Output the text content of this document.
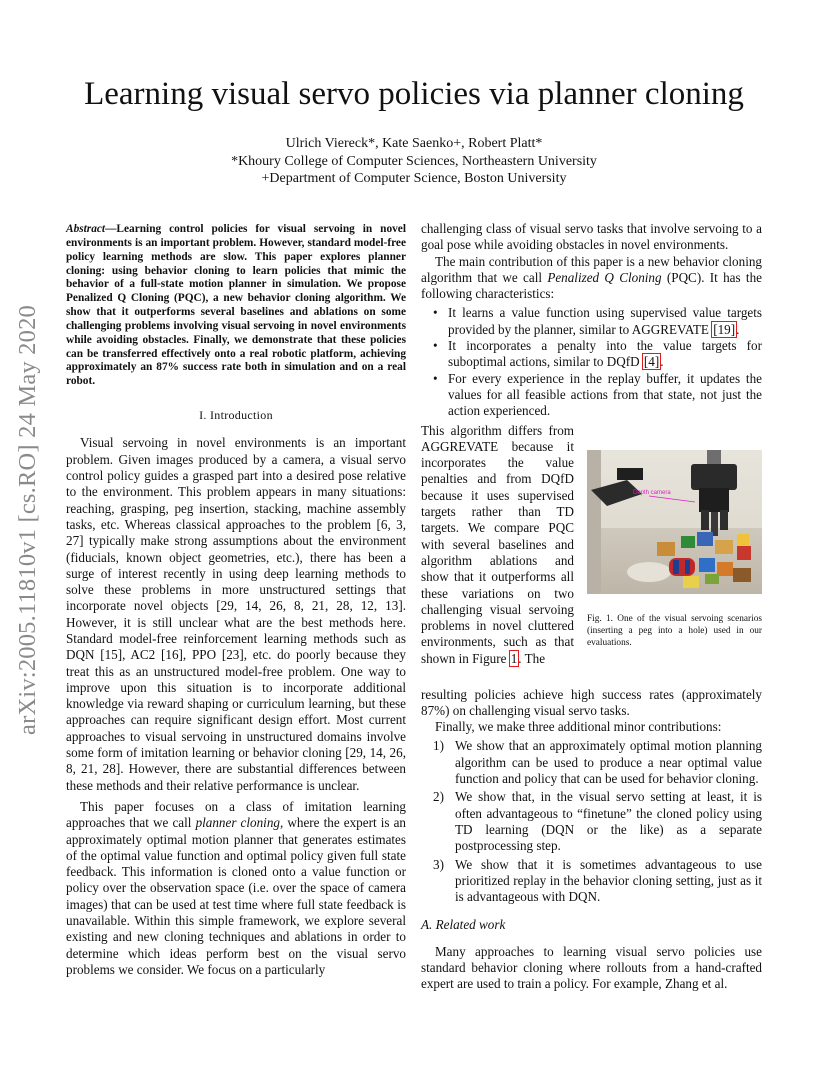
arXiv:2005.11810v1 [cs.RO] 24 May 2020
Learning visual servo policies via planner cloning
Ulrich Viereck*, Kate Saenko+, Robert Platt*
*Khoury College of Computer Sciences, Northeastern University
+Department of Computer Science, Boston University

Abstract—Learning control policies for visual servoing in novel environments is an important problem. However, standard model-free policy learning methods are slow. This paper explores planner cloning: using behavior cloning to learn policies that mimic the behavior of a full-state motion planner in simulation. We propose Penalized Q Cloning (PQC), a new behavior cloning algorithm. We show that it outperforms several baselines and ablations on some challenging problems involving visual servoing in novel environments while avoiding obstacles. Finally, we demonstrate that these policies can be transferred effectively onto a real robotic platform, achieving approximately an 87% success rate both in simulation and on a real robot.

I. Introduction

Visual servoing in novel environments is an important problem. Given images produced by a camera, a visual servo control policy guides a grasped part into a desired pose relative to the environment. This problem appears in many situations: reaching, grasping, peg insertion, stacking, machine assembly tasks, etc. Whereas classical approaches to the problem [6, 3, 27] typically make strong assumptions about the environment (fiducials, known object geometries, etc.), there has been a surge of interest recently in using deep learning methods to solve these problems in more unstructured settings that incorporate novel objects [29, 14, 26, 8, 21, 28, 12, 13]. However, it is still unclear what are the best methods here. Standard model-free reinforcement learning methods such as DQN [15], AC2 [16], PPO [23], etc. do poorly because they treat this as an unstructured model-free problem. One way to improve upon this situation is to incorporate additional knowledge via reward shaping or curriculum learning, but these approaches can require significant design effort. Most current approaches to visual servoing in unstructured domains involve some form of imitation learning or behavior cloning [29, 14, 26, 8, 21, 28]. However, there are substantial differences between these methods and their relative performance is unclear.

This paper focuses on a class of imitation learning approaches that we call planner cloning, where the expert is an approximately optimal motion planner that generates estimates of the optimal value function and optimal policy given full state feedback. This information is cloned onto a value function or policy over the observation space (i.e. over the space of camera images) that can be used at test time where full state feedback is unavailable. Within this simple framework, we explore several existing and new cloning techniques and ablations in order to determine which ideas perform best on the visual servo problems we consider. We focus on a particularly

challenging class of visual servo tasks that involve servoing to a goal pose while avoiding obstacles in novel environments.

The main contribution of this paper is a new behavior cloning algorithm that we call Penalized Q Cloning (PQC). It has the following characteristics:

• It learns a value function using supervised value targets provided by the planner, similar to AGGREVATE [19].
• It incorporates a penalty into the value targets for suboptimal actions, similar to DQfD [4].
• For every experience in the replay buffer, it updates the values for all feasible actions from that state, not just the action experienced.

This algorithm differs from AGGREVATE because it incorporates the value penalties and from DQfD because it uses supervised targets rather than TD targets. We compare PQC with several baselines and algorithm ablations and show that it outperforms all these variations on two challenging visual servoing problems in novel cluttered environments, such as that shown in Figure 1. The

Depth camera
Fig. 1. One of the visual servoing scenarios (inserting a peg into a hole) used in our evaluations.

resulting policies achieve high success rates (approximately 87%) on challenging visual servo tasks.

Finally, we make three additional minor contributions:

1) We show that an approximately optimal motion planning algorithm can be used to produce a near optimal value function and policy that can be used for behavior cloning.
2) We show that, in the visual servo setting at least, it is often advantageous to “finetune” the cloned policy using TD learning (DQN or the like) as a separate postprocessing step.
3) We show that it is sometimes advantageous to use prioritized replay in the behavior cloning setting, just as it is advantageous with DQN.
A. Related work

Many approaches to learning visual servo policies use standard behavior cloning where rollouts from a hand-crafted expert are used to train a policy. For example, Zhang et al.
